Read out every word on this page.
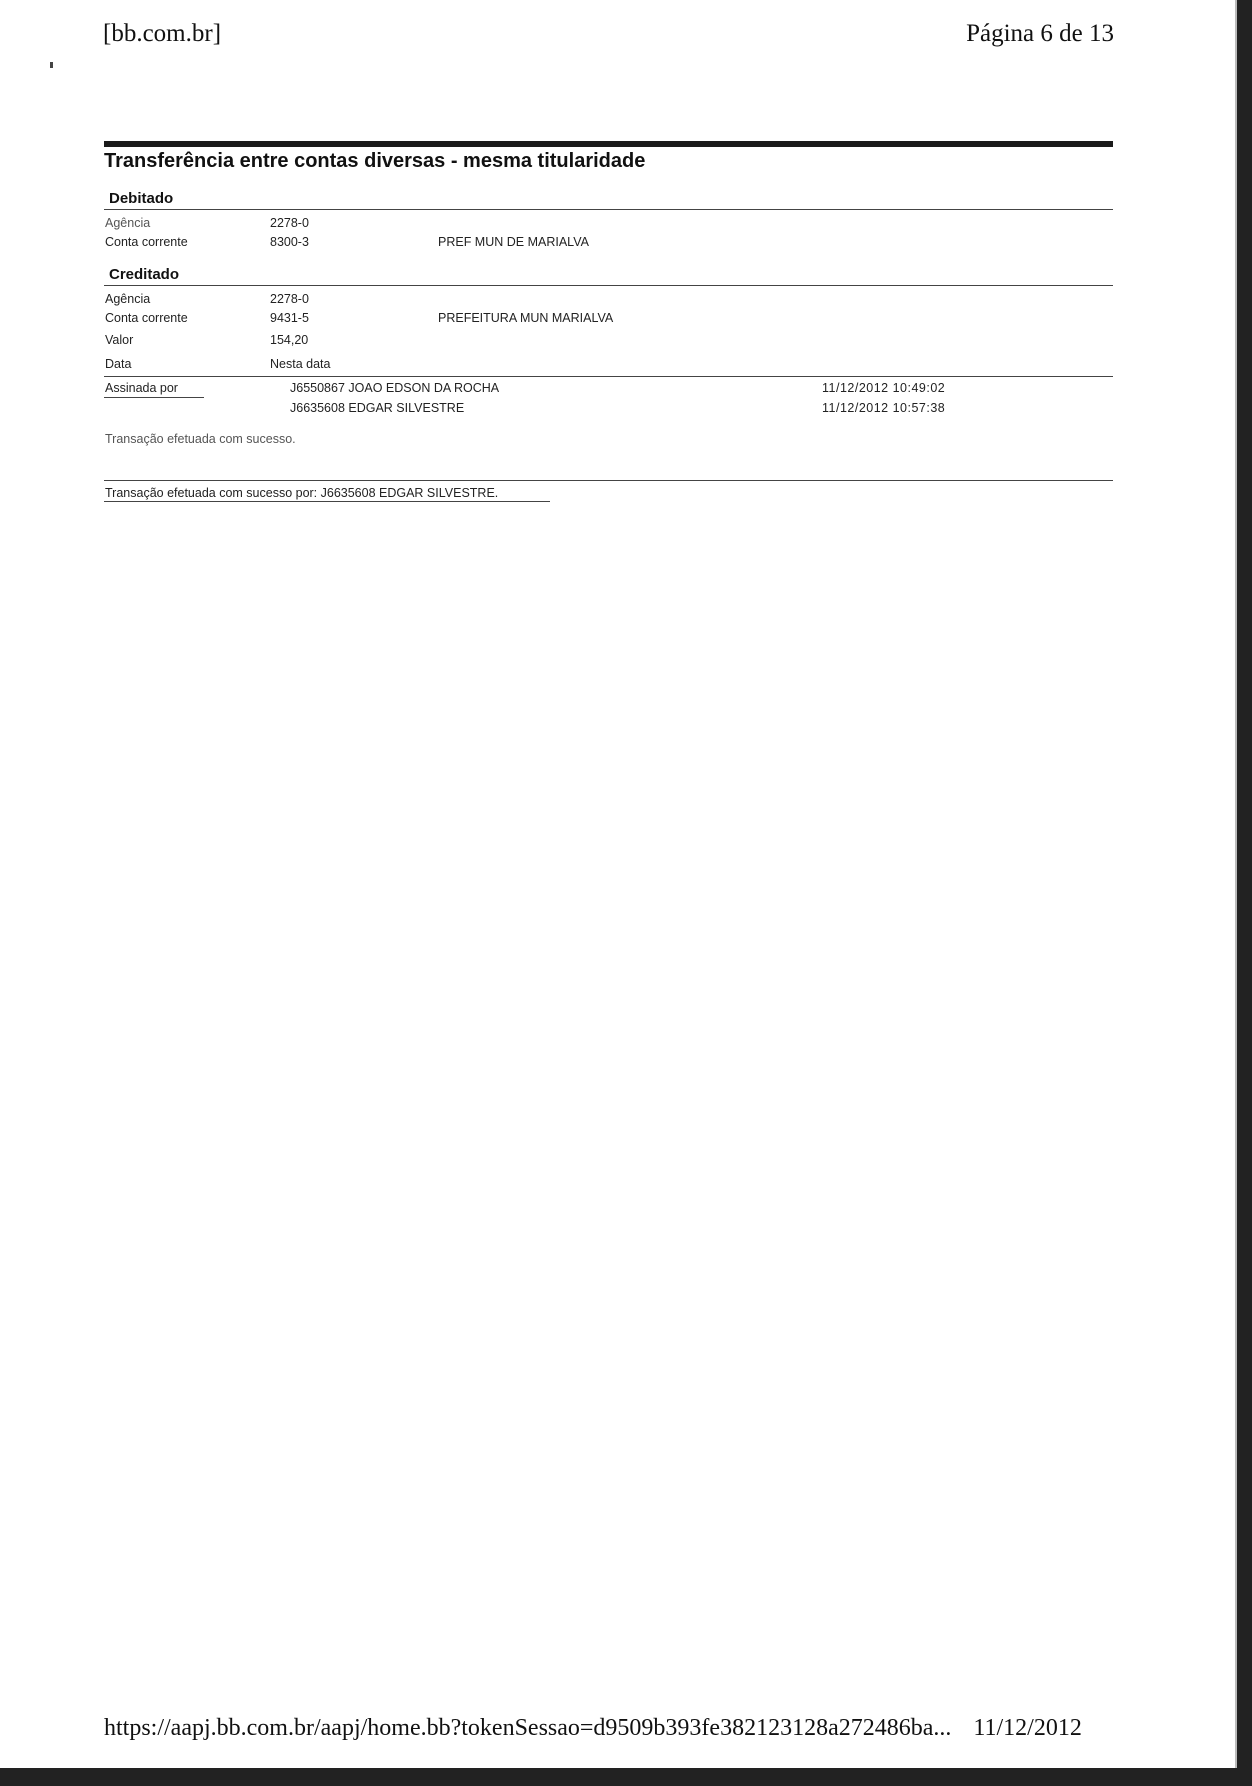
[bb.com.br]	Página 6 de 13
Transferência entre contas diversas - mesma titularidade
Debitado
Agência	2278-0
Conta corrente	8300-3	PREF MUN DE MARIALVA
Creditado
Agência	2278-0
Conta corrente	9431-5	PREFEITURA MUN MARIALVA
Valor	154,20
Data	Nesta data
Assinada por	J6550867 JOAO EDSON DA ROCHA	11/12/2012 10:49:02
J6635608 EDGAR SILVESTRE	11/12/2012 10:57:38
Transação efetuada com sucesso.
Transação efetuada com sucesso por: J6635608 EDGAR SILVESTRE.
https://aapj.bb.com.br/aapj/home.bb?tokenSessao=d9509b393fe382123128a272486ba... 11/12/2012
